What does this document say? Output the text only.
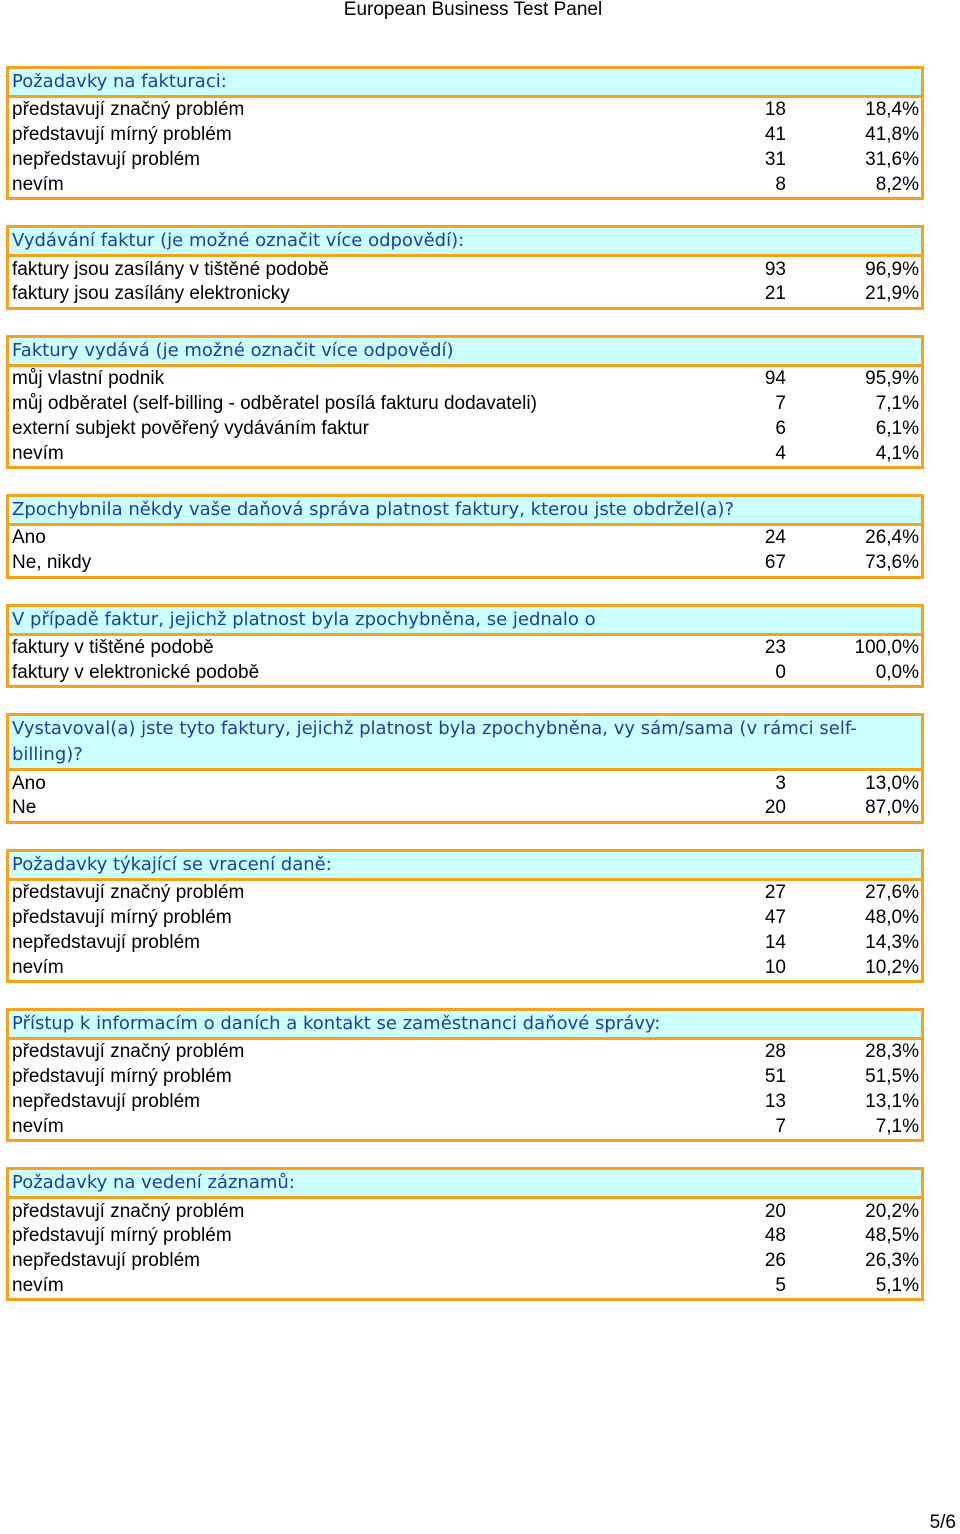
European Business Test Panel
Požadavky na fakturaci:
představují značný problém	18	18,4%
představují mírný problém	41	41,8%
nepředstavují problém	31	31,6%
nevím	8	8,2%
Vydávání faktur (je možné označit více odpovědí):
faktury jsou zasílány v tištěné podobě	93	96,9%
faktury jsou zasílány elektronicky	21	21,9%
Faktury vydává (je možné označit více odpovědí)
můj vlastní podnik	94	95,9%
můj odběratel (self-billing - odběratel posílá fakturu dodavateli)	7	7,1%
externí subjekt pověřený vydáváním faktur	6	6,1%
nevím	4	4,1%
Zpochybnila někdy vaše daňová správa platnost faktury, kterou jste obdržel(a)?
Ano	24	26,4%
Ne, nikdy	67	73,6%
V případě faktur, jejichž platnost byla zpochybněna, se jednalo o
faktury v tištěné podobě	23	100,0%
faktury v elektronické podobě	0	0,0%
Vystavoval(a) jste tyto faktury, jejichž platnost byla zpochybněna, vy sám/sama (v rámci self-billing)?
Ano	3	13,0%
Ne	20	87,0%
Požadavky týkající se vracení daně:
představují značný problém	27	27,6%
představují mírný problém	47	48,0%
nepředstavují problém	14	14,3%
nevím	10	10,2%
Přístup k informacím o daních a kontakt se zaměstnanci daňové správy:
představují značný problém	28	28,3%
představují mírný problém	51	51,5%
nepředstavují problém	13	13,1%
nevím	7	7,1%
Požadavky na vedení záznamů:
představují značný problém	20	20,2%
představují mírný problém	48	48,5%
nepředstavují problém	26	26,3%
nevím	5	5,1%
5/6
